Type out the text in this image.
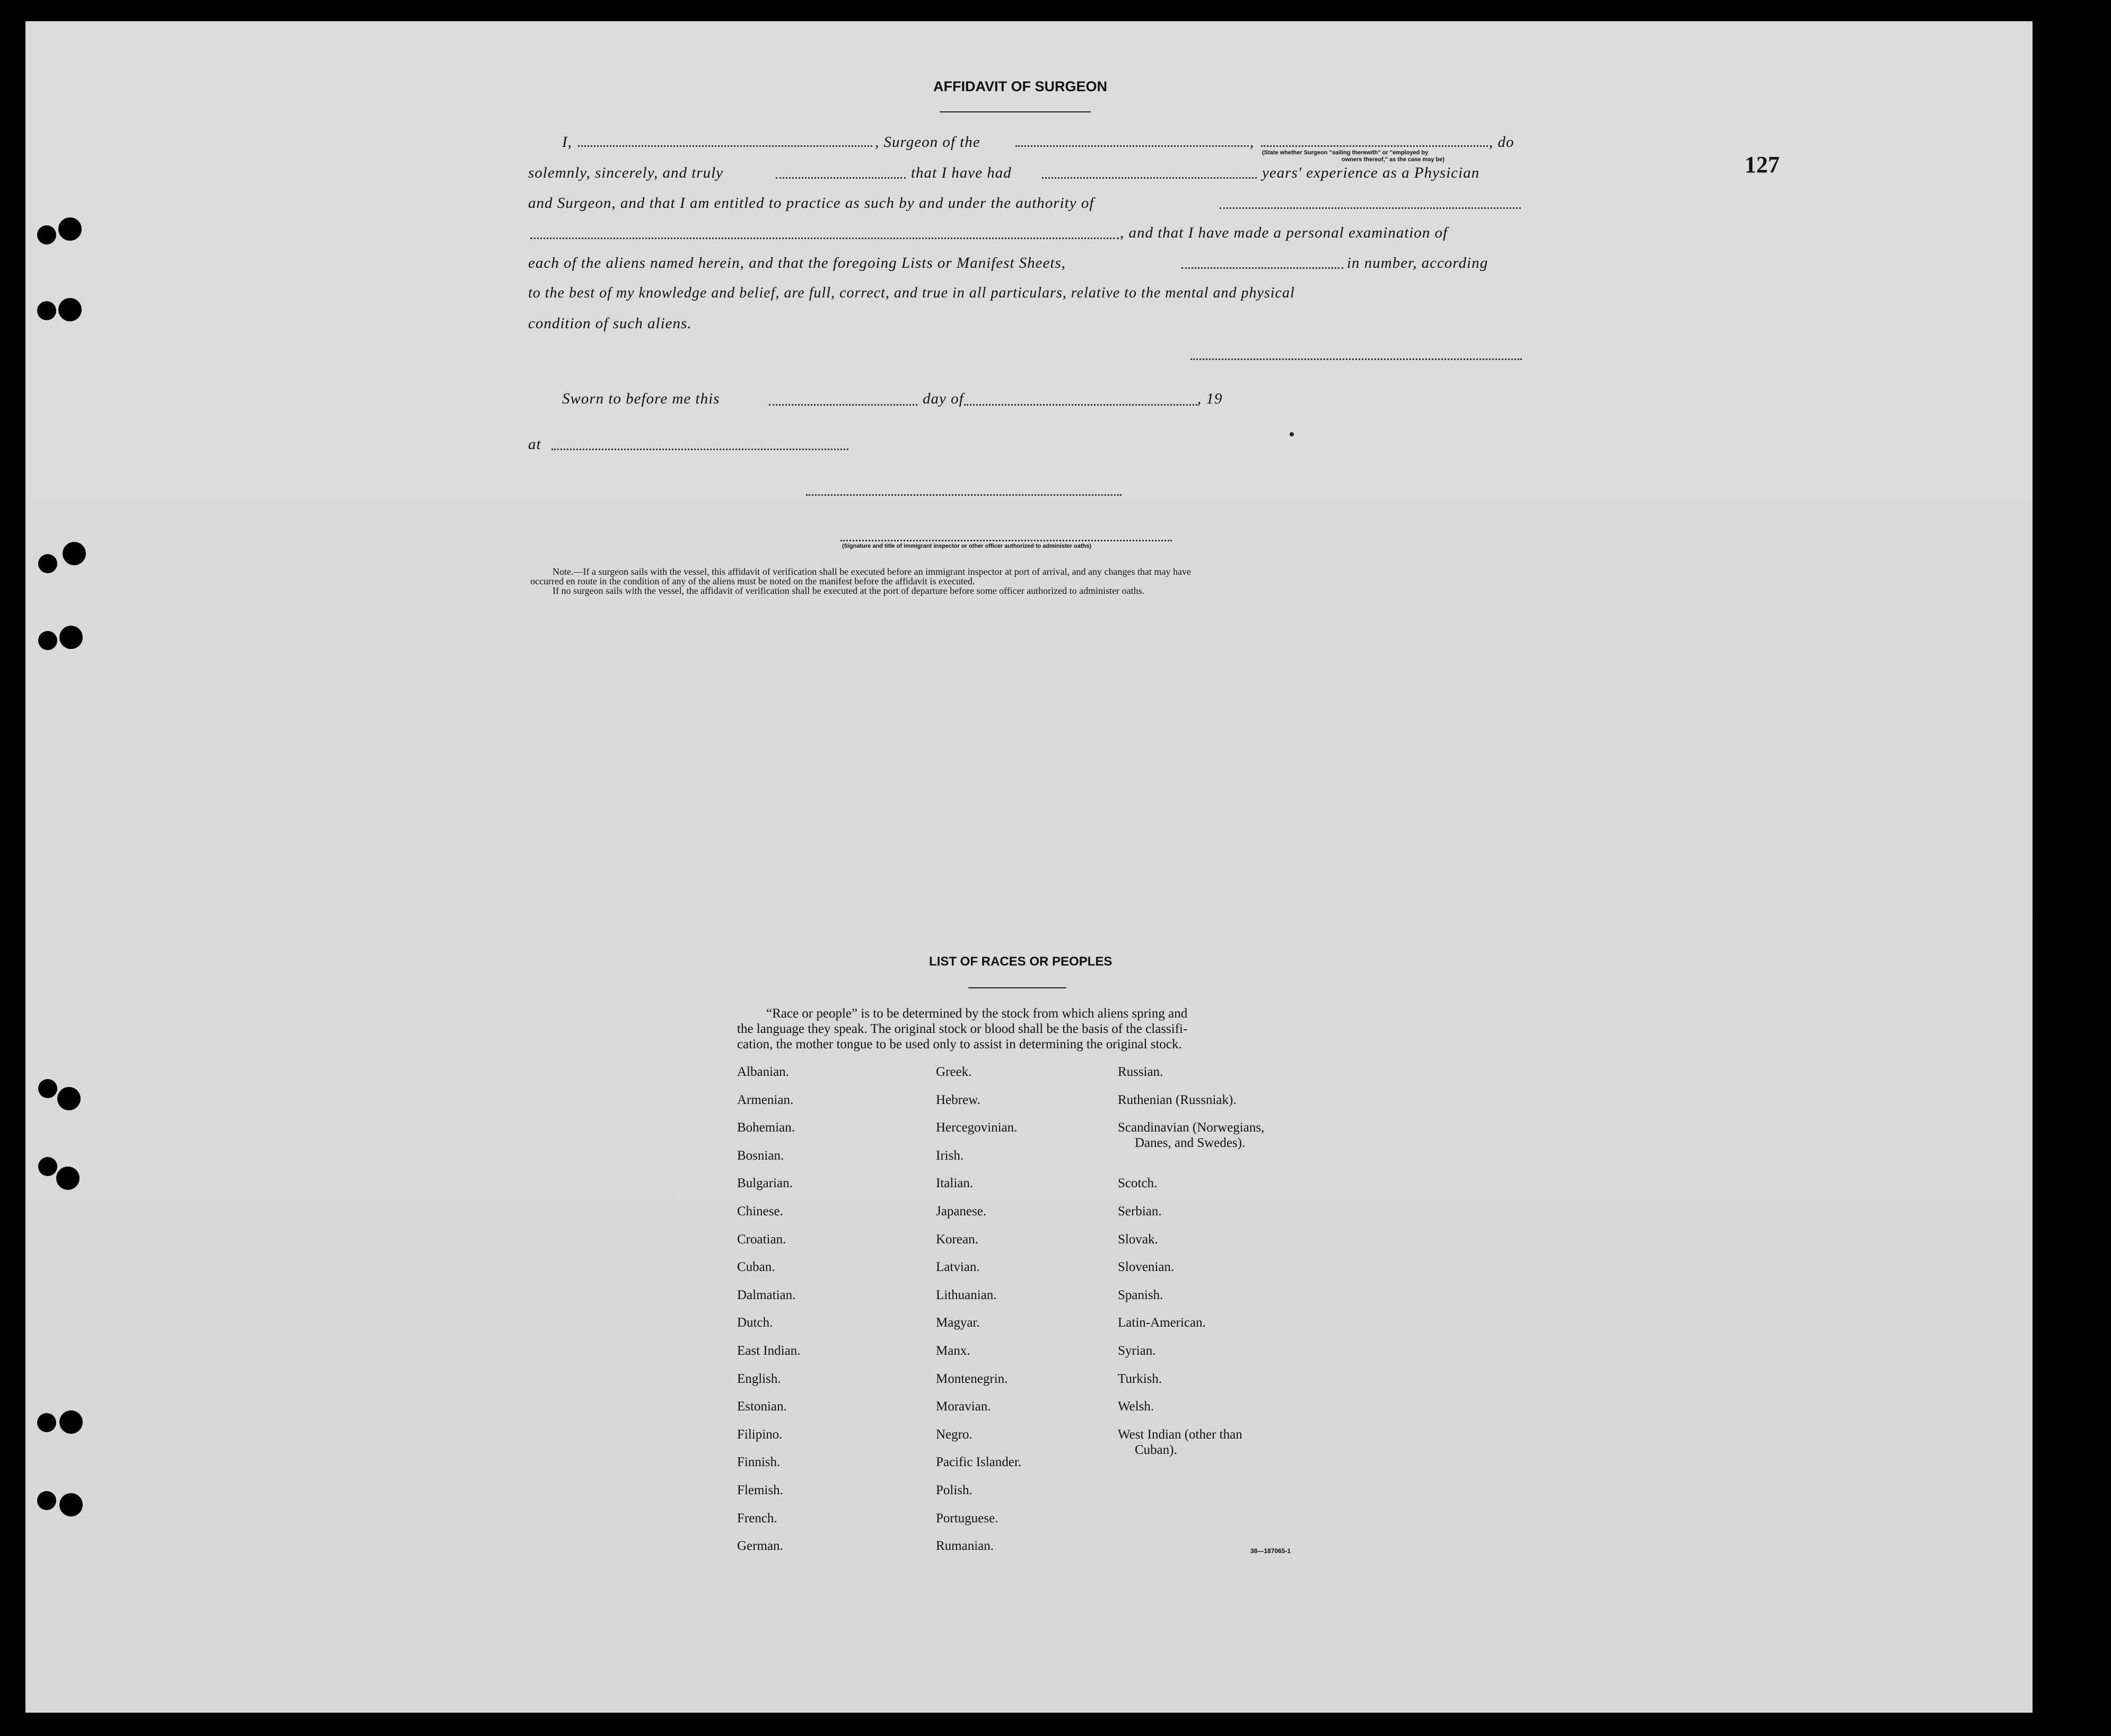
127
AFFIDAVIT OF SURGEON
I,	, Surgeon of the	,	, do
(State whether Surgeon "sailing therewith" or "employed by
owners thereof," as the case may be)
solemnly, sincerely, and truly	that I have had	years' experience as a Physician
and Surgeon, and that I am entitled to practice as such by and under the authority of
, and that I have made a personal examination of
each of the aliens named herein, and that the foregoing Lists or Manifest Sheets,	in number, according
to the best of my knowledge and belief, are full, correct, and true in all particulars, relative to the mental and physical
condition of such aliens.
Sworn to before me this	day of	, 19
at
(Signature and title of immigrant inspector or other officer authorized to administer oaths)
Note.—If a surgeon sails with the vessel, this affidavit of verification shall be executed before an immigrant inspector at port of arrival, and any changes that may have
occurred en route in the condition of any of the aliens must be noted on the manifest before the affidavit is executed.
If no surgeon sails with the vessel, the affidavit of verification shall be executed at the port of departure before some officer authorized to administer oaths.
LIST OF RACES OR PEOPLES
“Race or people” is to be determined by the stock from which aliens spring and
the language they speak. The original stock or blood shall be the basis of the classifi-
cation, the mother tongue to be used only to assist in determining the original stock.
Albanian.
Armenian.
Bohemian.
Bosnian.
Bulgarian.
Chinese.
Croatian.
Cuban.
Dalmatian.
Dutch.
East Indian.
English.
Estonian.
Filipino.
Finnish.
Flemish.
French.
German.
Greek.
Hebrew.
Hercegovinian.
Irish.
Italian.
Japanese.
Korean.
Latvian.
Lithuanian.
Magyar.
Manx.
Montenegrin.
Moravian.
Negro.
Pacific Islander.
Polish.
Portuguese.
Rumanian.
Russian.
Ruthenian (Russniak).
Scandinavian (Norwegians,
Danes, and Swedes).
Scotch.
Serbian.
Slovak.
Slovenian.
Spanish.
Latin-American.
Syrian.
Turkish.
Welsh.
West Indian (other than
Cuban).
38—187065-1
